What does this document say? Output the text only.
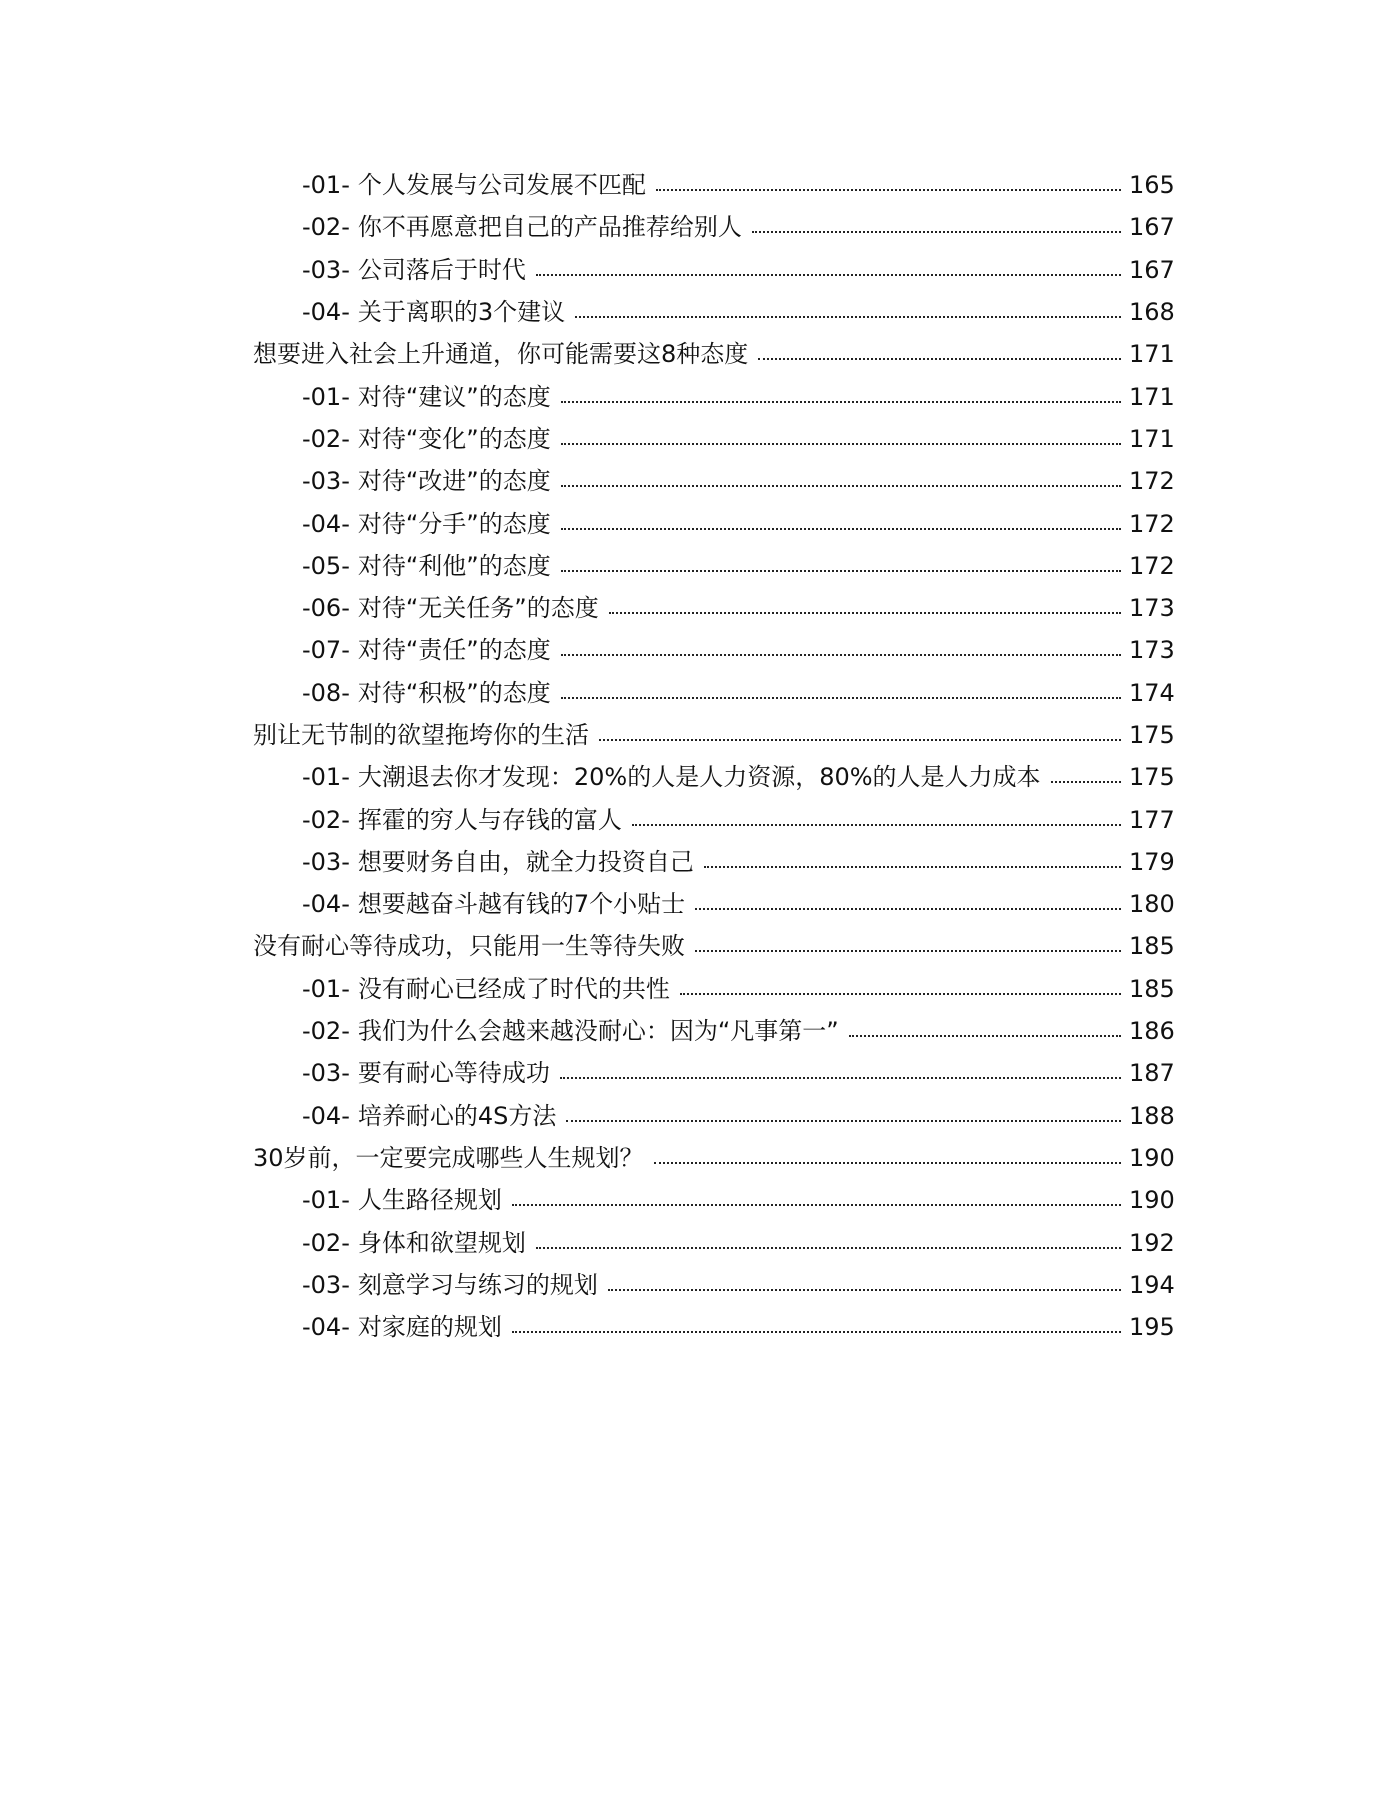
-01- 个人发展与公司发展不匹配	165
-02- 你不再愿意把自己的产品推荐给别人	167
-03- 公司落后于时代	167
-04- 关于离职的3个建议	168
想要进入社会上升通道，你可能需要这8种态度	171
-01- 对待“建议”的态度	171
-02- 对待“变化”的态度	171
-03- 对待“改进”的态度	172
-04- 对待“分手”的态度	172
-05- 对待“利他”的态度	172
-06- 对待“无关任务”的态度	173
-07- 对待“责任”的态度	173
-08- 对待“积极”的态度	174
别让无节制的欲望拖垮你的生活	175
-01- 大潮退去你才发现：20%的人是人力资源，80%的人是人力成本	175
-02- 挥霍的穷人与存钱的富人	177
-03- 想要财务自由，就全力投资自己	179
-04- 想要越奋斗越有钱的7个小贴士	180
没有耐心等待成功，只能用一生等待失败	185
-01- 没有耐心已经成了时代的共性	185
-02- 我们为什么会越来越没耐心：因为“凡事第一”	186
-03- 要有耐心等待成功	187
-04- 培养耐心的4S方法	188
30岁前，一定要完成哪些人生规划？	190
-01- 人生路径规划	190
-02- 身体和欲望规划	192
-03- 刻意学习与练习的规划	194
-04- 对家庭的规划	195
